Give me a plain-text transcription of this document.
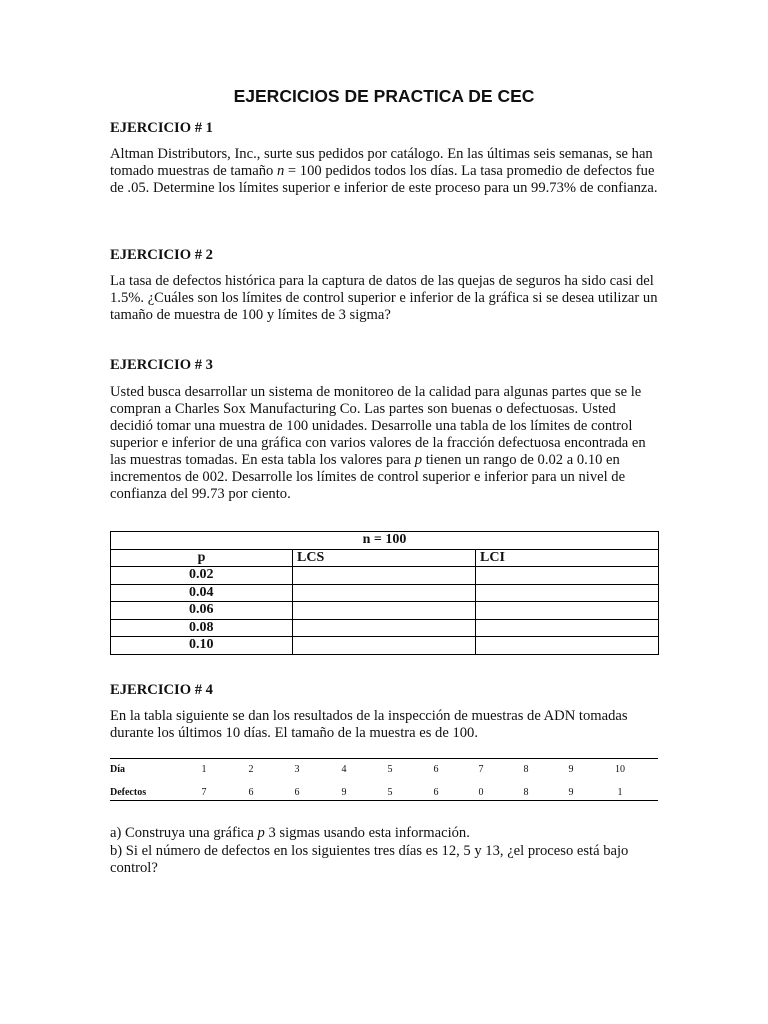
EJERCICIOS DE PRACTICA DE CEC
EJERCICIO # 1

Altman Distributors, Inc., surte sus pedidos por catálogo. En las últimas seis semanas, se han tomado muestras de tamaño n = 100 pedidos todos los días. La tasa promedio de defectos fue de .05. Determine los límites superior e inferior de este proceso para un 99.73% de confianza.

EJERCICIO # 2

La tasa de defectos histórica para la captura de datos de las quejas de seguros ha sido casi del 1.5%. ¿Cuáles son los límites de control superior e inferior de la gráfica si se desea utilizar un tamaño de muestra de 100 y límites de 3 sigma?

EJERCICIO # 3

Usted busca desarrollar un sistema de monitoreo de la calidad para algunas partes que se le compran a Charles Sox Manufacturing Co. Las partes son buenas o defectuosas. Usted decidió tomar una muestra de 100 unidades. Desarrolle una tabla de los límites de control superior e inferior de una gráfica con varios valores de la fracción defectuosa encontrada en las muestras tomadas. En esta tabla los valores para p tienen un rango de 0.02 a 0.10 en incrementos de 002. Desarrolle los límites de control superior e inferior para un nivel de confianza del 99.73 por ciento.

n = 100		
p	LCS	LCI
0.02		
0.04		
0.06		
0.08		
0.10		
EJERCICIO # 4

En la tabla siguiente se dan los resultados de la inspección de muestras de ADN tomadas durante los últimos 10 días. El tamaño de la muestra es de 100.

Día	1	2	3	4	5	6	7	8	9	10
Defectos	7	6	6	9	5	6	0	8	9	1

a) Construya una gráfica p 3 sigmas usando esta información.

b) Si el número de defectos en los siguientes tres días es 12, 5 y 13, ¿el proceso está bajo control?
